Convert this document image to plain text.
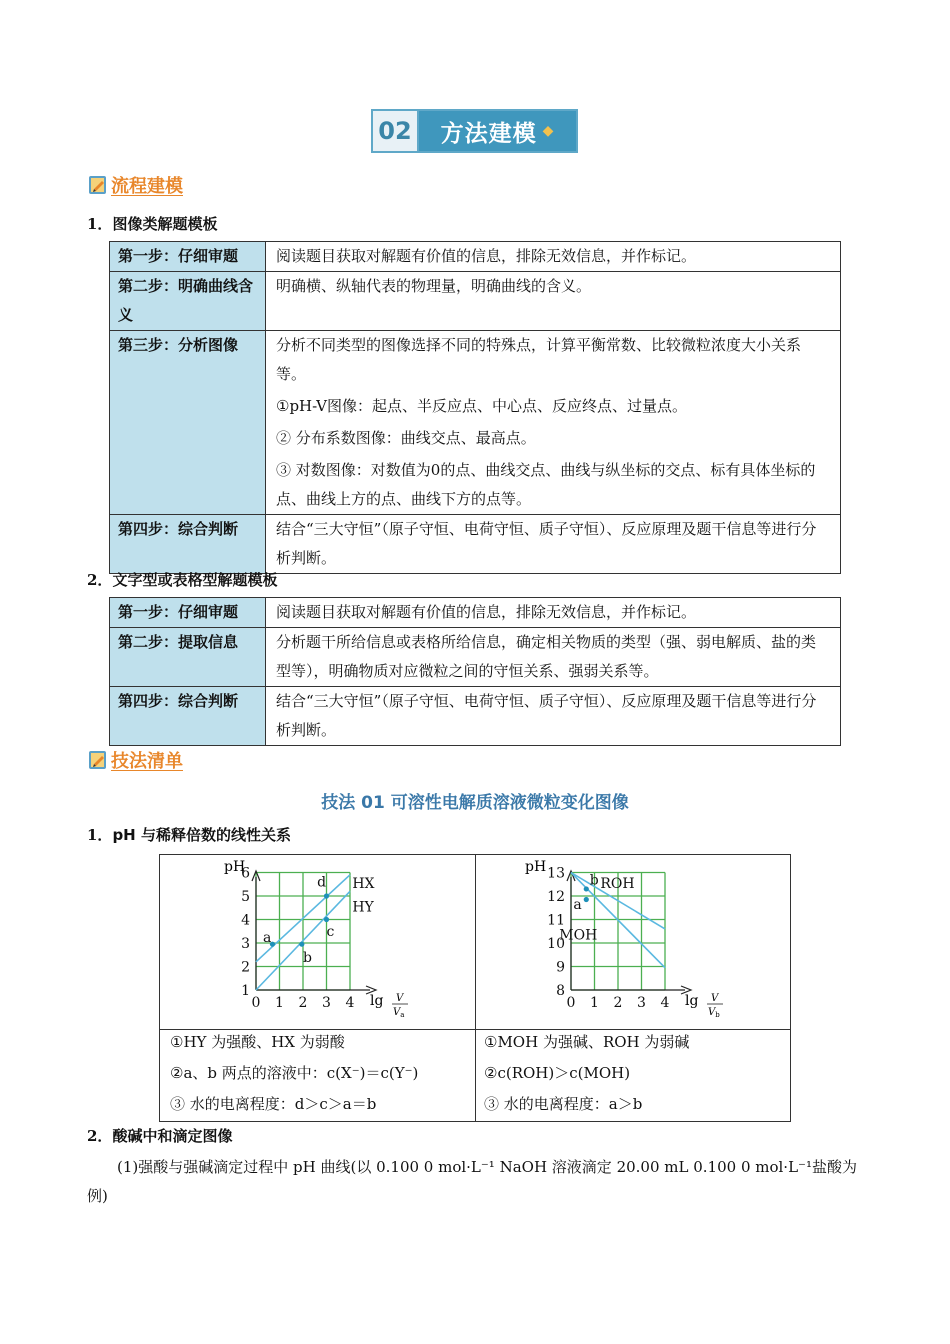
02	方法建模 ◆
流程建模
1．图像类解题模板
第一步：仔细审题	阅读题目获取对解题有价值的信息，排除无效信息，并作标记。

第二步：明确曲线含义	明确横、纵轴代表的物理量，明确曲线的含义。

第三步：分析图像	分析不同类型的图像选择不同的特殊点，计算平衡常数、比较微粒浓度大小关系等。
①pH-V图像：起点、半反应点、中心点、反应终点、过量点。
② 分布系数图像：曲线交点、最高点。
③ 对数图像：对数值为0的点、曲线交点、曲线与纵坐标的交点、标有具体坐标的点、曲线上方的点、曲线下方的点等。

第四步：综合判断	结合“三大守恒”（原子守恒、电荷守恒、质子守恒）、反应原理及题干信息等进行分析判断。
2．文字型或表格型解题模板
第一步：仔细审题	阅读题目获取对解题有价值的信息，排除无效信息，并作标记。

第二步：提取信息	分析题干所给信息或表格所给信息，确定相关物质的类型（强、弱电解质、盐的类型等），明确物质对应微粒之间的守恒关系、强弱关系等。

第四步：综合判断	结合“三大守恒”（原子守恒、电荷守恒、质子守恒）、反应原理及题干信息等进行分析判断。
技法清单
技法 01 可溶性电解质溶液微粒变化图像
1．pH 与稀释倍数的线性关系
1
2
3
4
5
6
0 1 2 3 4
HX
HY
a
b
c
d
pH
lg V
$V_a$
8
9
10
11
12
13
0 1 2 3 4
ROH
MOH
b
a
pH
lg V
$V_b$
①HY 为强酸、HX 为弱酸
②a、b 两点的溶液中：c(X⁻)＝c(Y⁻)
③ 水的电离程度：d＞c＞a＝b
①MOH 为强碱、ROH 为弱碱
②c(ROH)＞c(MOH)
③ 水的电离程度：a＞b
2．酸碱中和滴定图像
(1)强酸与强碱滴定过程中 pH 曲线(以 0.100 0 mol·L⁻¹ NaOH 溶液滴定 20.00 mL 0.100 0 mol·L⁻¹盐酸为例)
